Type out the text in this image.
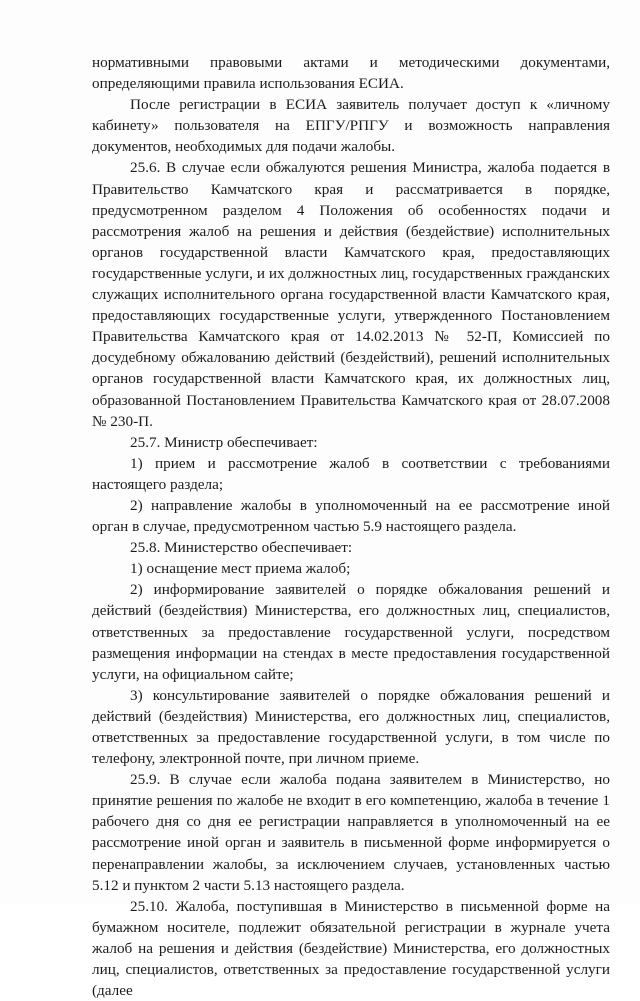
нормативными правовыми актами и методическими документами, определяющими правила использования ЕСИА.

После регистрации в ЕСИА заявитель получает доступ к «личному кабинету» пользователя на ЕПГУ/РПГУ и возможность направления документов, необходимых для подачи жалобы.

25.6. В случае если обжалуются решения Министра, жалоба подается в Правительство Камчатского края и рассматривается в порядке, предусмотренном разделом 4 Положения об особенностях подачи и рассмотрения жалоб на решения и действия (бездействие) исполнительных органов государственной власти Камчатского края, предоставляющих государственные услуги, и их должностных лиц, государственных гражданских служащих исполнительного органа государственной власти Камчатского края, предоставляющих государственные услуги, утвержденного Постановлением Правительства Камчатского края от 14.02.2013 № 52-П, Комиссией по досудебному обжалованию действий (бездействий), решений исполнительных органов государственной власти Камчатского края, их должностных лиц, образованной Постановлением Правительства Камчатского края от 28.07.2008 № 230-П.

25.7. Министр обеспечивает:

1) прием и рассмотрение жалоб в соответствии с требованиями настоящего раздела;

2) направление жалобы в уполномоченный на ее рассмотрение иной орган в случае, предусмотренном частью 5.9 настоящего раздела.

25.8. Министерство обеспечивает:

1) оснащение мест приема жалоб;

2) информирование заявителей о порядке обжалования решений и действий (бездействия) Министерства, его должностных лиц, специалистов, ответственных за предоставление государственной услуги, посредством размещения информации на стендах в месте предоставления государственной услуги, на официальном сайте;

3) консультирование заявителей о порядке обжалования решений и действий (бездействия) Министерства, его должностных лиц, специалистов, ответственных за предоставление государственной услуги, в том числе по телефону, электронной почте, при личном приеме.

25.9. В случае если жалоба подана заявителем в Министерство, но принятие решения по жалобе не входит в его компетенцию, жалоба в течение 1 рабочего дня со дня ее регистрации направляется в уполномоченный на ее рассмотрение иной орган и заявитель в письменной форме информируется о перенаправлении жалобы, за исключением случаев, установленных частью 5.12 и пунктом 2 части 5.13 настоящего раздела.

25.10. Жалоба, поступившая в Министерство в письменной форме на бумажном носителе, подлежит обязательной регистрации в журнале учета жалоб на решения и действия (бездействие) Министерства, его должностных лиц, специалистов, ответственных за предоставление государственной услуги (далее
